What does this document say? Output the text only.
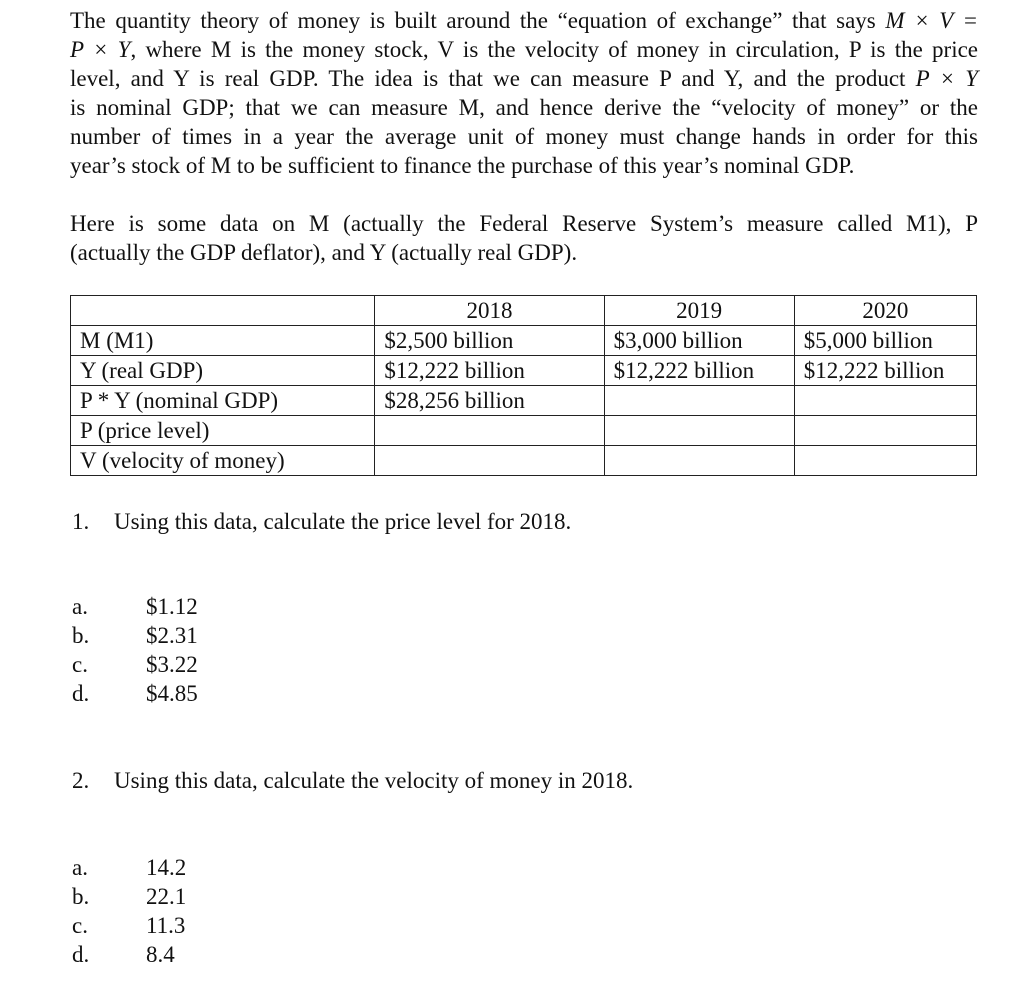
The quantity theory of money is built around the “equation of exchange” that says M × V =
P × Y, where M is the money stock, V is the velocity of money in circulation, P is the price
level, and Y is real GDP. The idea is that we can measure P and Y, and the product P × Y
is nominal GDP; that we can measure M, and hence derive the “velocity of money” or the
number of times in a year the average unit of money must change hands in order for this
year’s stock of M to be sufficient to finance the purchase of this year’s nominal GDP.
Here is some data on M (actually the Federal Reserve System’s measure called M1), P
(actually the GDP deflator), and Y (actually real GDP).
	2018	2019	2020
M (M1)	$2,500 billion	$3,000 billion	$5,000 billion
Y (real GDP)	$12,222 billion	$12,222 billion	$12,222 billion
P * Y (nominal GDP)	$28,256 billion		
P (price level)			
V (velocity of money)			

1. Using this data, calculate the price level for 2018.

a.	$1.12
b. $2.31
c.	$3.22
d. $4.85

2. Using this data, calculate the velocity of money in 2018.

a.	14.2
b. 22.1
c.	11.3
d. 8.4
